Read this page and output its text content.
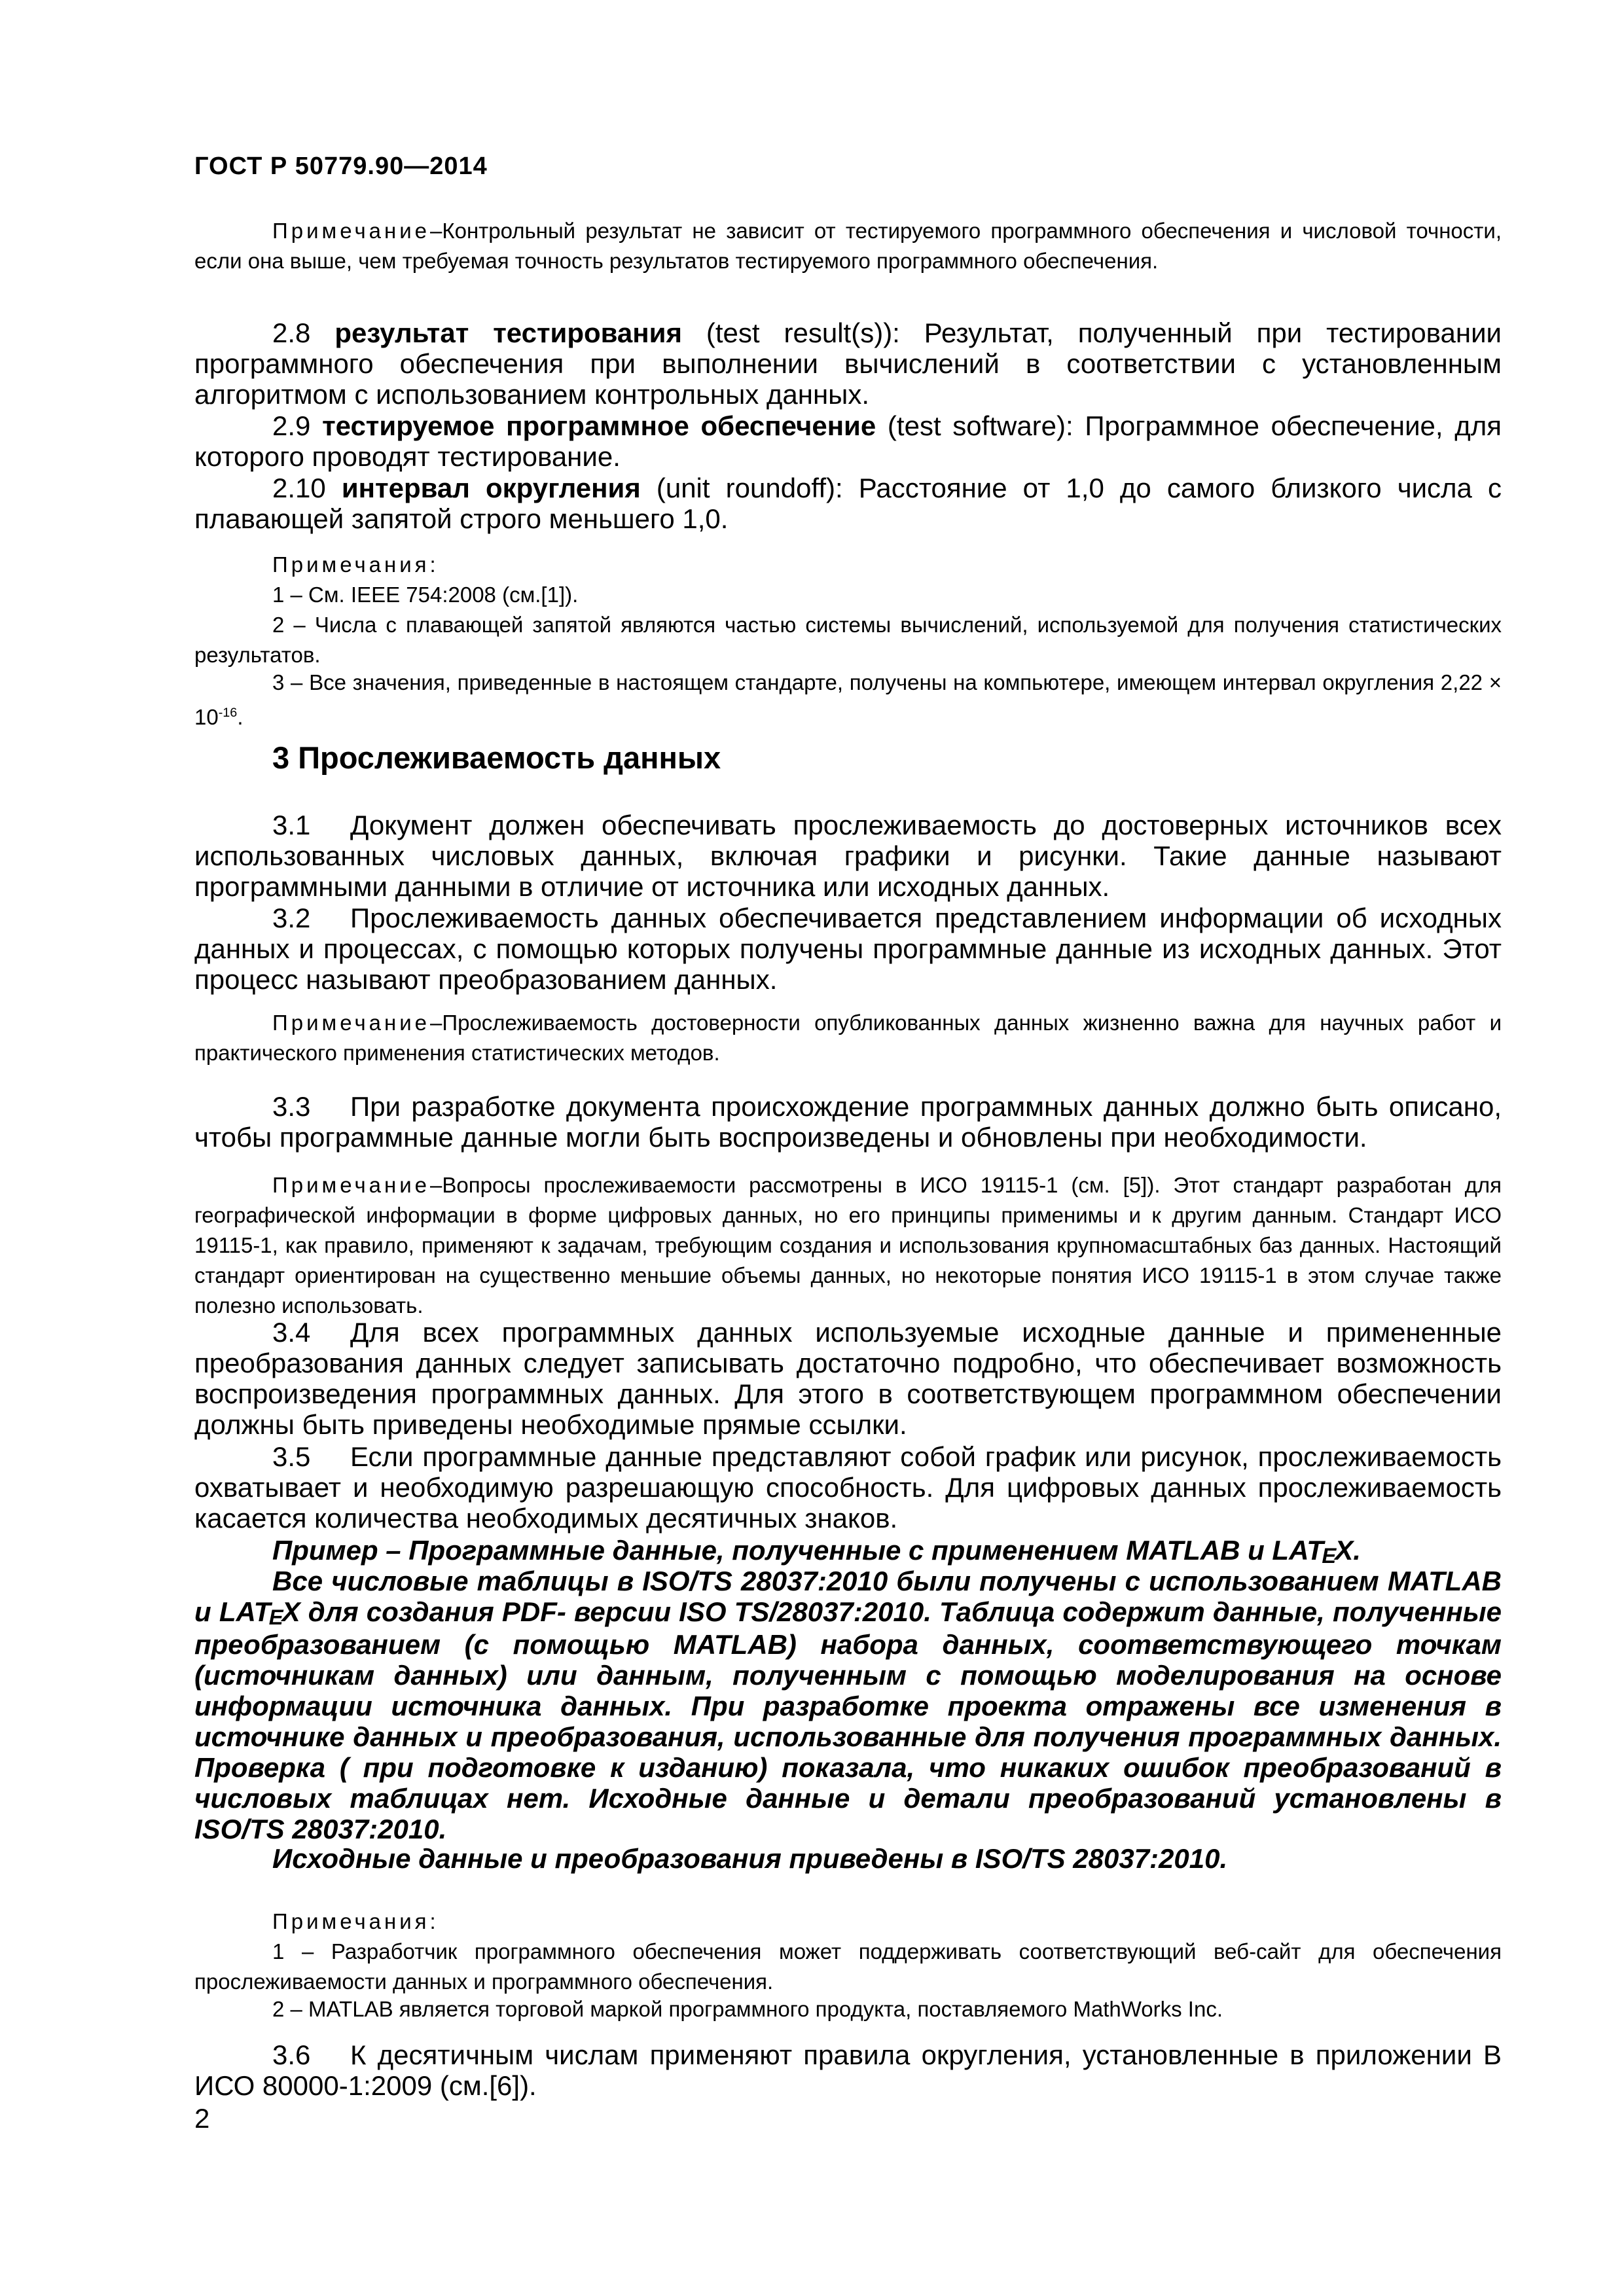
ГОСТ Р 50779.90—2014
Примечание–Контрольный результат не зависит от тестируемого программного обеспечения и числовой точности, если она выше, чем требуемая точность результатов тестируемого программного обеспечения.
2.8 результат тестирования (test result(s)): Результат, полученный при тестировании программного обеспечения при выполнении вычислений в соответствии с установленным алгоритмом с использованием контрольных данных.
2.9 тестируемое программное обеспечение (test software): Программное обеспечение, для которого проводят тестирование.
2.10 интервал округления (unit roundoff): Расстояние от 1,0 до самого близкого числа с плавающей запятой строго меньшего 1,0.
Примечания:
1 – См. IEEE 754:2008 (см.[1]).
2 – Числа с плавающей запятой являются частью системы вычислений, используемой для получения статистических результатов.
3 – Все значения, приведенные в настоящем стандарте, получены на компьютере, имеющем интервал округления $2,22 \times 10^{-16}$.
3 Прослеживаемость данных
3.1 Документ должен обеспечивать прослеживаемость до достоверных источников всех использованных числовых данных, включая графики и рисунки. Такие данные называют программными данными в отличие от источника или исходных данных.
3.2 Прослеживаемость данных обеспечивается представлением информации об исходных данных и процессах, с помощью которых получены программные данные из исходных данных. Этот процесс называют преобразованием данных.
Примечание–Прослеживаемость достоверности опубликованных данных жизненно важна для научных работ и практического применения статистических методов.
3.3 При разработке документа происхождение программных данных должно быть описано, чтобы программные данные могли быть воспроизведены и обновлены при необходимости.
Примечание–Вопросы прослеживаемости рассмотрены в ИСО 19115-1 (см. [5]). Этот стандарт разработан для географической информации в форме цифровых данных, но его принципы применимы и к другим данным. Стандарт ИСО 19115-1, как правило, применяют к задачам, требующим создания и использования крупномасштабных баз данных. Настоящий стандарт ориентирован на существенно меньшие объемы данных, но некоторые понятия ИСО 19115-1 в этом случае также полезно использовать.
3.4 Для всех программных данных используемые исходные данные и примененные преобразования данных следует записывать достаточно подробно, что обеспечивает возможность воспроизведения программных данных. Для этого в соответствующем программном обеспечении должны быть приведены необходимые прямые ссылки.
3.5 Если программные данные представляют собой график или рисунок, прослеживаемость охватывает и необходимую разрешающую способность. Для цифровых данных прослеживаемость касается количества необходимых десятичных знаков.
Пример – Программные данные, полученные с применением MATLAB и LATEX.
Все числовые таблицы в ISO/TS 28037:2010 были получены с использованием MATLAB и LATEX для создания PDF- версии ISO TS/28037:2010. Таблица содержит данные, полученные преобразованием (с помощью MATLAB) набора данных, соответствующего точкам (источникам данных) или данным, полученным с помощью моделирования на основе информации источника данных. При разработке проекта отражены все изменения в источнике данных и преобразования, использованные для получения программных данных. Проверка ( при подготовке к изданию) показала, что никаких ошибок преобразований в числовых таблицах нет. Исходные данные и детали преобразований установлены в ISO/TS 28037:2010.
Исходные данные и преобразования приведены в ISO/TS 28037:2010.
Примечания:
1 – Разработчик программного обеспечения может поддерживать соответствующий веб-сайт для обеспечения прослеживаемости данных и программного обеспечения.
2 – MATLAB является торговой маркой программного продукта, поставляемого MathWorks Inc.
3.6 К десятичным числам применяют правила округления, установленные в приложении В ИСО 80000-1:2009 (см.[6]).
2
